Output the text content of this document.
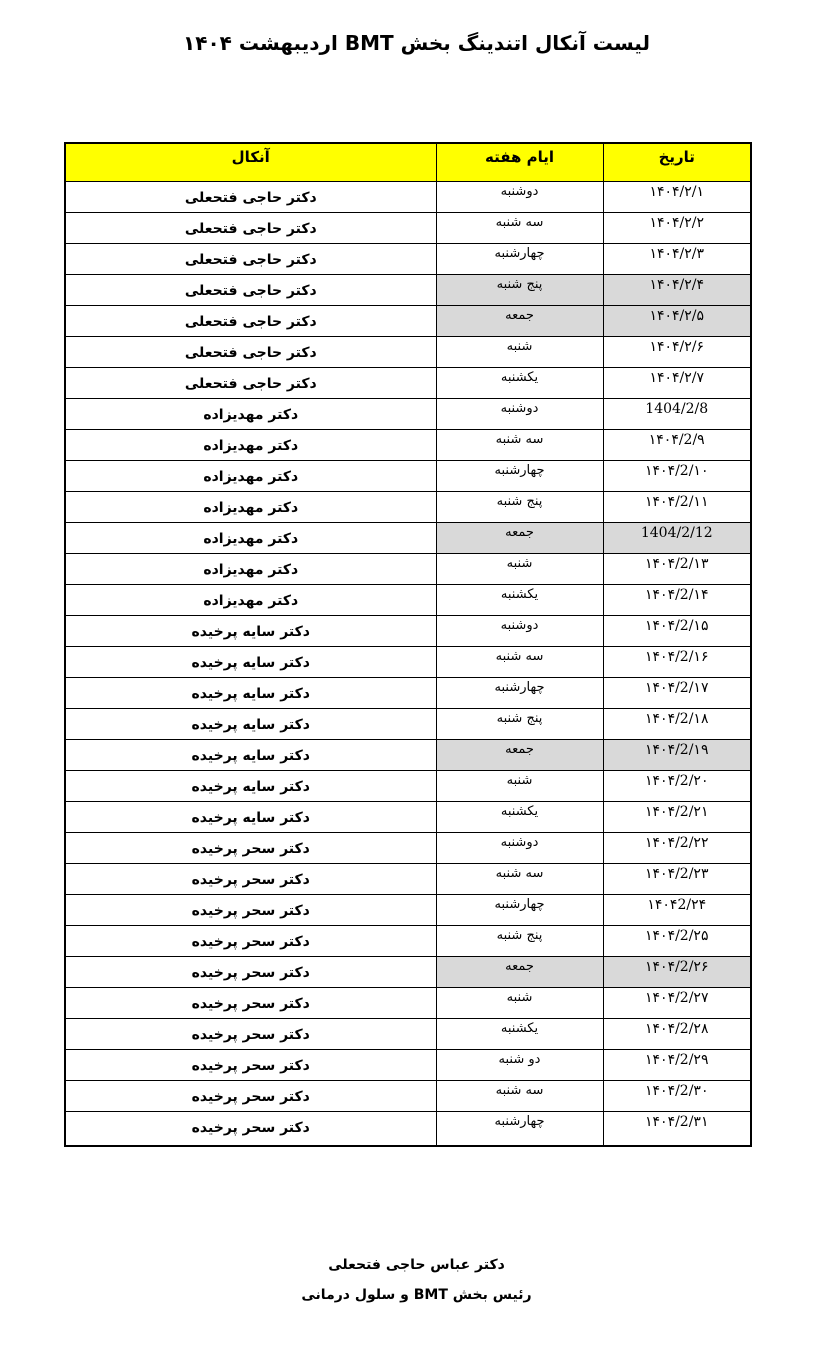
لیست آنکال اتندینگ بخش BMT اردیبهشت ۱۴۰۴
آنکال	ایام هفته	تاریخ
دکتر حاجی فتحعلی	دوشنبه	۱۴۰۴/۲/۱
دکتر حاجی فتحعلی	سه شنبه	۱۴۰۴/۲/۲
دکتر حاجی فتحعلی	چهارشنبه	۱۴۰۴/۲/۳
دکتر حاجی فتحعلی	پنج شنبه	۱۴۰۴/۲/۴
دکتر حاجی فتحعلی	جمعه	۱۴۰۴/۲/۵
دکتر حاجی فتحعلی	شنبه	۱۴۰۴/۲/۶
دکتر حاجی فتحعلی	یکشنبه	۱۴۰۴/۲/۷
دکتر مهدیزاده	دوشنبه	1404/2/8
دکتر مهدیزاده	سه شنبه	۱۴۰۴/2/۹
دکتر مهدیزاده	چهارشنبه	۱۴۰۴/2/۱۰
دکتر مهدیزاده	پنج شنبه	۱۴۰۴/2/۱۱
دکتر مهدیزاده	جمعه	1404/2/12
دکتر مهدیزاده	شنبه	۱۴۰۴/2/۱۳
دکتر مهدیزاده	یکشنبه	۱۴۰۴/2/۱۴
دکتر سایه پرخیده	دوشنبه	۱۴۰۴/2/۱۵
دکتر سایه پرخیده	سه شنبه	۱۴۰۴/2/۱۶
دکتر سایه پرخیده	چهارشنبه	۱۴۰۴/2/۱۷
دکتر سایه پرخیده	پنج شنبه	۱۴۰۴/2/۱۸
دکتر سایه پرخیده	جمعه	۱۴۰۴/2/۱۹
دکتر سایه پرخیده	شنبه	۱۴۰۴/2/۲۰
دکتر سایه پرخیده	یکشنبه	۱۴۰۴/2/۲۱
دکتر سحر پرخیده	دوشنبه	۱۴۰۴/2/۲۲
دکتر سحر پرخیده	سه شنبه	۱۴۰۴/2/۲۳
دکتر سحر پرخیده	چهارشنبه	۱۴۰۴2/۲۴
دکتر سحر پرخیده	پنج شنبه	۱۴۰۴/2/۲۵
دکتر سحر پرخیده	جمعه	۱۴۰۴/2/۲۶
دکتر سحر پرخیده	شنبه	۱۴۰۴/2/۲۷
دکتر سحر پرخیده	یکشنبه	۱۴۰۴/2/۲۸
دکتر سحر پرخیده	دو شنبه	۱۴۰۴/2/۲۹
دکتر سحر پرخیده	سه شنبه	۱۴۰۴/2/۳۰
دکتر سحر پرخیده	چهارشنبه	۱۴۰۴/2/۳۱

دکتر عباس حاجی فتحعلی

رئیس بخش BMT و سلول درمانی
